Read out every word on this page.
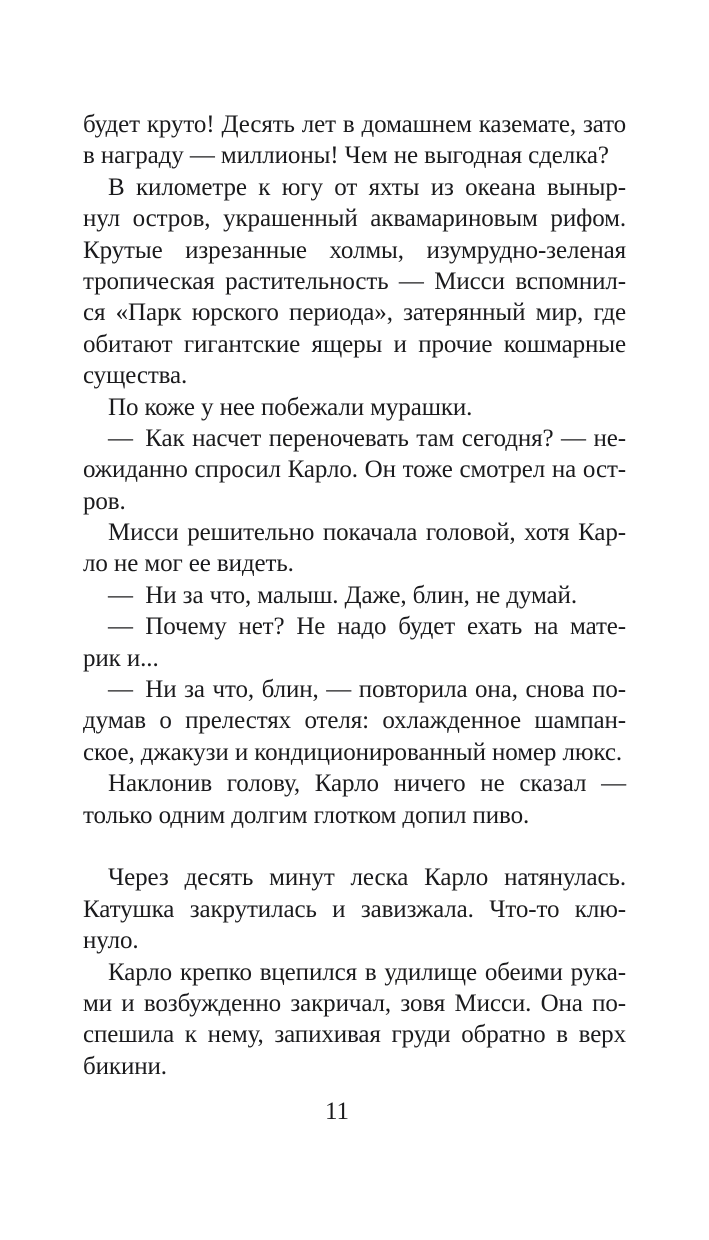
будет круто! Десять лет в домашнем каземате, зато
в награду — миллионы! Чем не выгодная сделка?
В километре к югу от яхты из океана выныр-
нул остров, украшенный аквамариновым рифом.
Крутые изрезанные холмы, изумрудно-зеленая
тропическая растительность — Мисси вспомнил-
ся «Парк юрского периода», затерянный мир, где
обитают гигантские ящеры и прочие кошмарные
существа.
По коже у нее побежали мурашки.
— Как насчет переночевать там сегодня? — не-
ожиданно спросил Карло. Он тоже смотрел на ост-
ров.
Мисси решительно покачала головой, хотя Кар-
ло не мог ее видеть.
— Ни за что, малыш. Даже, блин, не думай.
— Почему нет? Не надо будет ехать на мате-
рик и...
— Ни за что, блин, — повторила она, снова по-
думав о прелестях отеля: охлажденное шампан-
ское, джакузи и кондиционированный номер люкс.
Наклонив голову, Карло ничего не сказал —
только одним долгим глотком допил пиво.
Через десять минут леска Карло натянулась.
Катушка закрутилась и завизжала. Что-то клю-
нуло.
Карло крепко вцепился в удилище обеими рука-
ми и возбужденно закричал, зовя Мисси. Она по-
спешила к нему, запихивая груди обратно в верх
бикини.
11
